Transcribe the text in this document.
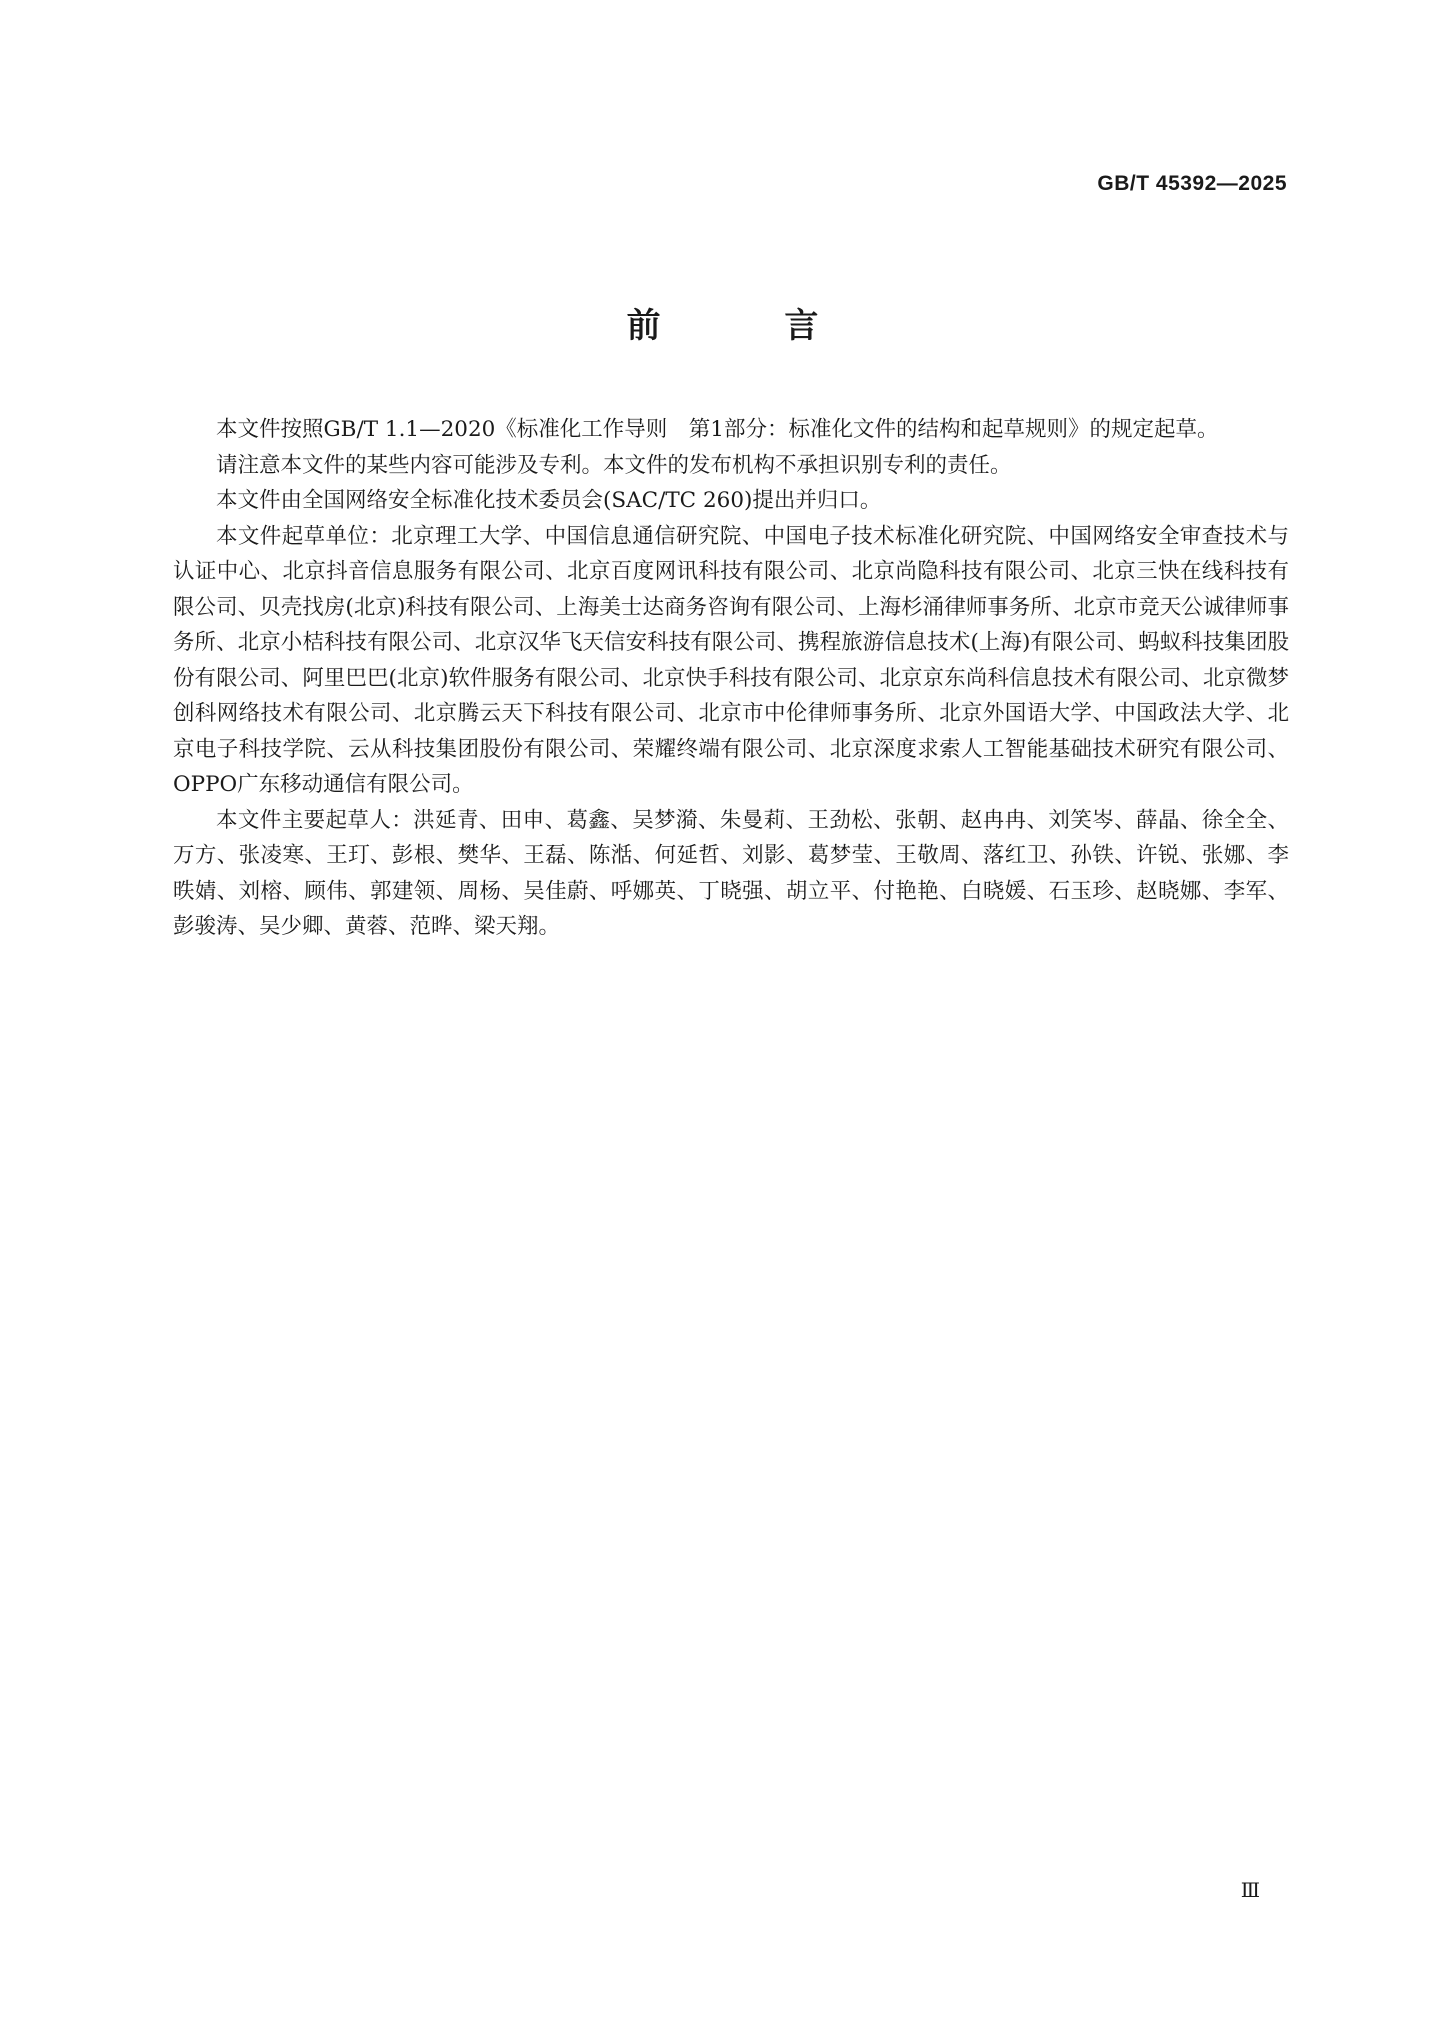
GB/T 45392—2025
前 言

本文件按照GB/T 1.1—2020《标准化工作导则　第1部分：标准化文件的结构和起草规则》的规定起草。

请注意本文件的某些内容可能涉及专利。本文件的发布机构不承担识别专利的责任。

本文件由全国网络安全标准化技术委员会(SAC/TC 260)提出并归口。

本文件起草单位：北京理工大学、中国信息通信研究院、中国电子技术标准化研究院、中国网络安全审查技术与认证中心、北京抖音信息服务有限公司、北京百度网讯科技有限公司、北京尚隐科技有限公司、北京三快在线科技有限公司、贝壳找房(北京)科技有限公司、上海美士达商务咨询有限公司、上海杉涌律师事务所、北京市竞天公诚律师事务所、北京小桔科技有限公司、北京汉华飞天信安科技有限公司、携程旅游信息技术(上海)有限公司、蚂蚁科技集团股份有限公司、阿里巴巴(北京)软件服务有限公司、北京快手科技有限公司、北京京东尚科信息技术有限公司、北京微梦创科网络技术有限公司、北京腾云天下科技有限公司、北京市中伦律师事务所、北京外国语大学、中国政法大学、北京电子科技学院、云从科技集团股份有限公司、荣耀终端有限公司、北京深度求索人工智能基础技术研究有限公司、OPPO广东移动通信有限公司。

本文件主要起草人：洪延青、田申、葛鑫、吴梦漪、朱曼莉、王劲松、张朝、赵冉冉、刘笑岑、薛晶、徐全全、万方、张凌寒、王玎、彭根、樊华、王磊、陈湉、何延哲、刘影、葛梦莹、王敬周、落红卫、孙铁、许锐、张娜、李昳婧、刘榕、顾伟、郭建领、周杨、吴佳蔚、呼娜英、丁晓强、胡立平、付艳艳、白晓媛、石玉珍、赵晓娜、李军、彭骏涛、吴少卿、黄蓉、范晔、梁天翔。

Ⅲ
